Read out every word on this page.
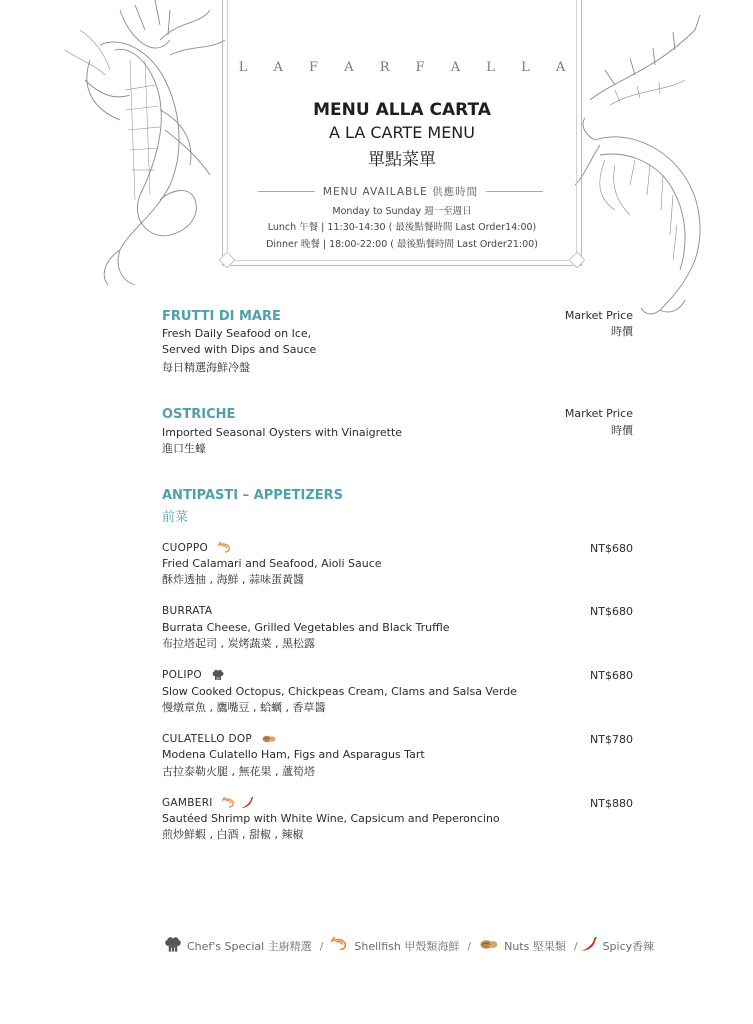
L A F A R F A L L A
MENU ALLA CARTA
A LA CARTE MENU
單點菜單
MENU AVAILABLE 供應時間
Monday to Sunday 週一至週日
Lunch 午餐 | 11:30-14:30 ( 最後點餐時間 Last Order14:00)
Dinner 晚餐 | 18:00-22:00 ( 最後點餐時間 Last Order21:00)
FRUTTI DI MARE
Fresh Daily Seafood on Ice,
Served with Dips and Sauce
每日精選海鮮冷盤
Market Price
時價
OSTRICHE
Imported Seasonal Oysters with Vinaigrette
進口生蠔
Market Price
時價
ANTIPASTI – APPETIZERS
前菜
CUOPPO
Fried Calamari and Seafood, Aioli Sauce
酥炸透抽 , 海鮮 , 蒜味蛋黃醬
NT$680
BURRATA
Burrata Cheese, Grilled Vegetables and Black Truffle
布拉塔起司 , 炭烤蔬菜 , 黑松露
NT$680
POLIPO
Slow Cooked Octopus, Chickpeas Cream, Clams and Salsa Verde
慢燉章魚 , 鷹嘴豆 , 蛤蠣 , 香草醬
NT$680
CULATELLO DOP
Modena Culatello Ham, Figs and Asparagus Tart
古拉泰勒火腿 , 無花果 , 蘆筍塔
NT$780
GAMBERI

Sautéed Shrimp with White Wine, Capsicum and Peperoncino
煎炒鮮蝦 , 白酒 , 甜椒 , 辣椒
NT$880
Chef's Special 主廚精選 /	Shellfish 甲殼類海鮮 /	Nuts 堅果類 / Spicy香辣
